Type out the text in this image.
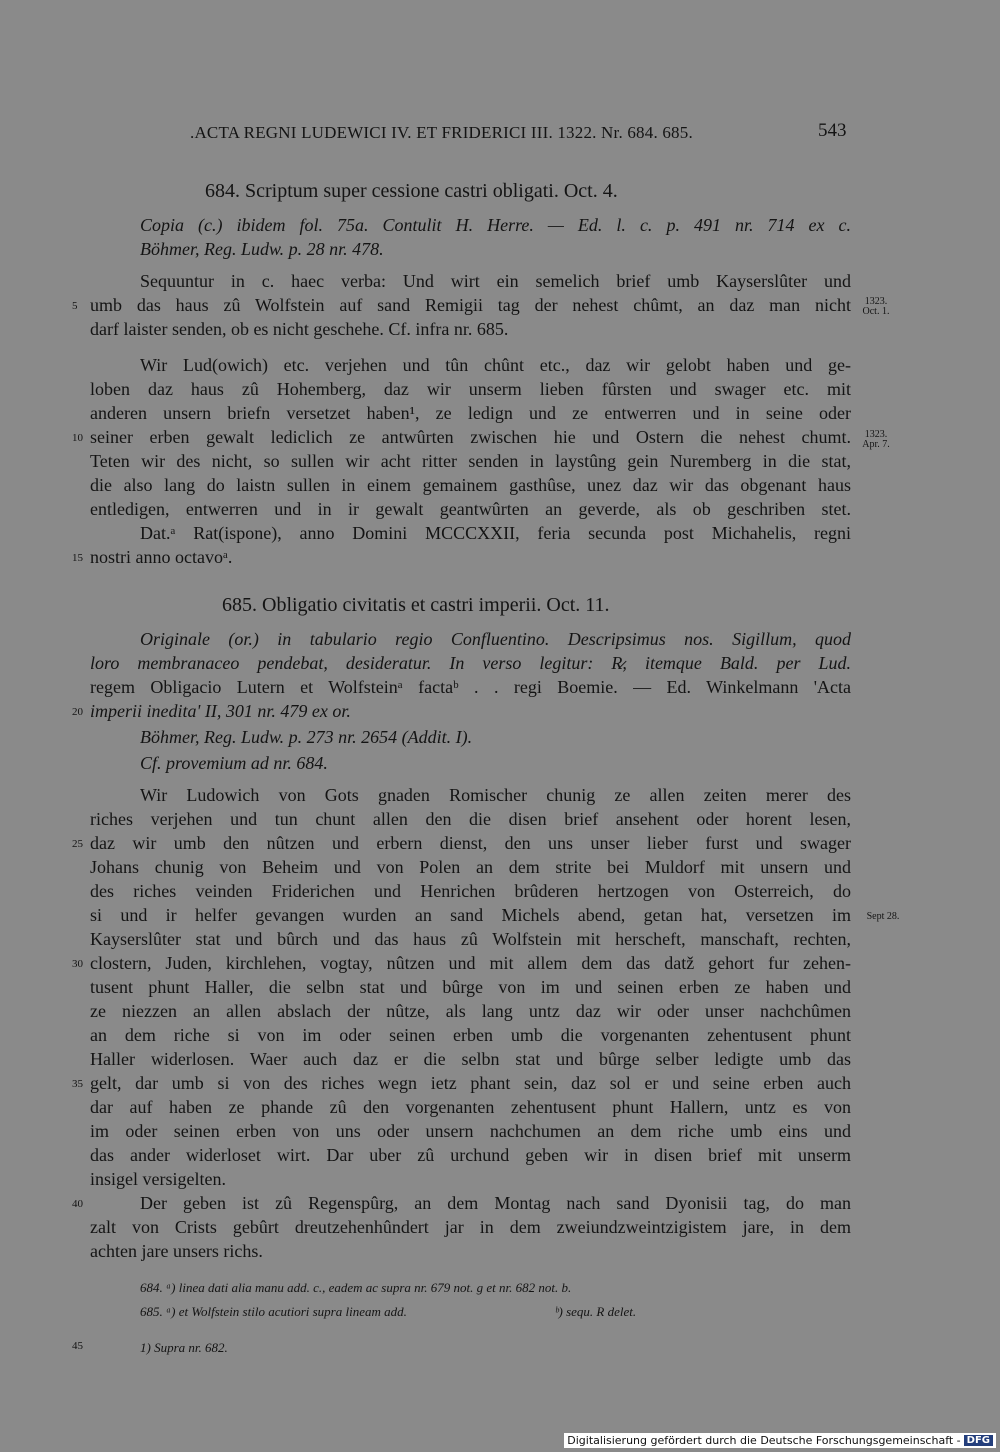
.ACTA REGNI LUDEWICI IV. ET FRIDERICI III. 1322. Nr. 684. 685.	543
684. Scriptum super cessione castri obligati. Oct. 4.
Copia (c.) ibidem fol. 75a. Contulit H. Herre. — Ed. l. c. p. 491 nr. 714 ex c.
Böhmer, Reg. Ludw. p. 28 nr. 478.
Sequuntur in c. haec verba: Und wirt ein semelich brief umb Kayserslûter und
umb das haus zû Wolfstein auf sand Remigii tag der nehest chûmt, an daz man nicht
darf laister senden, ob es nicht geschehe. Cf. infra nr. 685.
Wir Lud(owich) etc. verjehen und tûn chûnt etc., daz wir gelobt haben und ge-
loben daz haus zû Hohemberg, daz wir unserm lieben fûrsten und swager etc. mit
anderen unsern briefn versetzet haben¹, ze ledign und ze entwerren und in seine oder
seiner erben gewalt lediclich ze antwûrten zwischen hie und Ostern die nehest chumt.
Teten wir des nicht, so sullen wir acht ritter senden in laystûng gein Nuremberg in die stat,
die also lang do laistn sullen in einem gemainem gasthûse, unez daz wir das obgenant haus
entledigen, entwerren und in ir gewalt geantwûrten an geverde, als ob geschriben stet.
Dat.ᵃ Rat(ispone), anno Domini MCCCXXII, feria secunda post Michahelis, regni
nostri anno octavoᵃ.
685. Obligatio civitatis et castri imperii. Oct. 11.
Originale (or.) in tabulario regio Confluentino. Descripsimus nos. Sigillum, quod
loro membranaceo pendebat, desideratur. In verso legitur: R̷, itemque Bald. per Lud.
regem Obligacio Lutern et Wolfsteinᵃ factaᵇ . . regi Boemie. — Ed. Winkelmann 'Acta
imperii inedita' II, 301 nr. 479 ex or.
Böhmer, Reg. Ludw. p. 273 nr. 2654 (Addit. I).
Cf. provemium ad nr. 684.
Wir Ludowich von Gots gnaden Romischer chunig ze allen zeiten merer des
riches verjehen und tun chunt allen den die disen brief ansehent oder horent lesen,
daz wir umb den nûtzen und erbern dienst, den uns unser lieber furst und swager
Johans chunig von Beheim und von Polen an dem strite bei Muldorf mit unsern und
des riches veinden Friderichen und Henrichen brûderen hertzogen von Osterreich, do
si und ir helfer gevangen wurden an sand Michels abend, getan hat, versetzen im
Kayserslûter stat und bûrch und das haus zû Wolfstein mit herscheft, manschaft, rechten,
clostern, Juden, kirchlehen, vogtay, nûtzen und mit allem dem das datž gehort fur zehen-
tusent phunt Haller, die selbn stat und bûrge von im und seinen erben ze haben und
ze niezzen an allen abslach der nûtze, als lang untz daz wir oder unser nachchûmen
an dem riche si von im oder seinen erben umb die vorgenanten zehentusent phunt
Haller widerlosen. Waer auch daz er die selbn stat und bûrge selber ledigte umb das
gelt, dar umb si von des riches wegn ietz phant sein, daz sol er und seine erben auch
dar auf haben ze phande zû den vorgenanten zehentusent phunt Hallern, untz es von
im oder seinen erben von uns oder unsern nachchumen an dem riche umb eins und
das ander widerloset wirt. Dar uber zû urchund geben wir in disen brief mit unserm
insigel versigelten.
Der geben ist zû Regenspûrg, an dem Montag nach sand Dyonisii tag, do man
zalt von Crists gebûrt dreutzehenhûndert jar in dem zweiundzweintzigistem jare, in dem
achten jare unsers richs.
684. ᵃ) linea dati alia manu add. c., eadem ac supra nr. 679 not. g et nr. 682 not. b.
685. ᵃ) et Wolfstein stilo acutiori supra lineam add.	ᵇ) sequ. R delet.
1) Supra nr. 682.
5
10
15
20
25
30
35
40
45
1323. Oct. 1.
1323. Apr. 7.
Sept 28.
Digitalisierung gefördert durch die Deutsche Forschungsgemeinschaft - DFG
